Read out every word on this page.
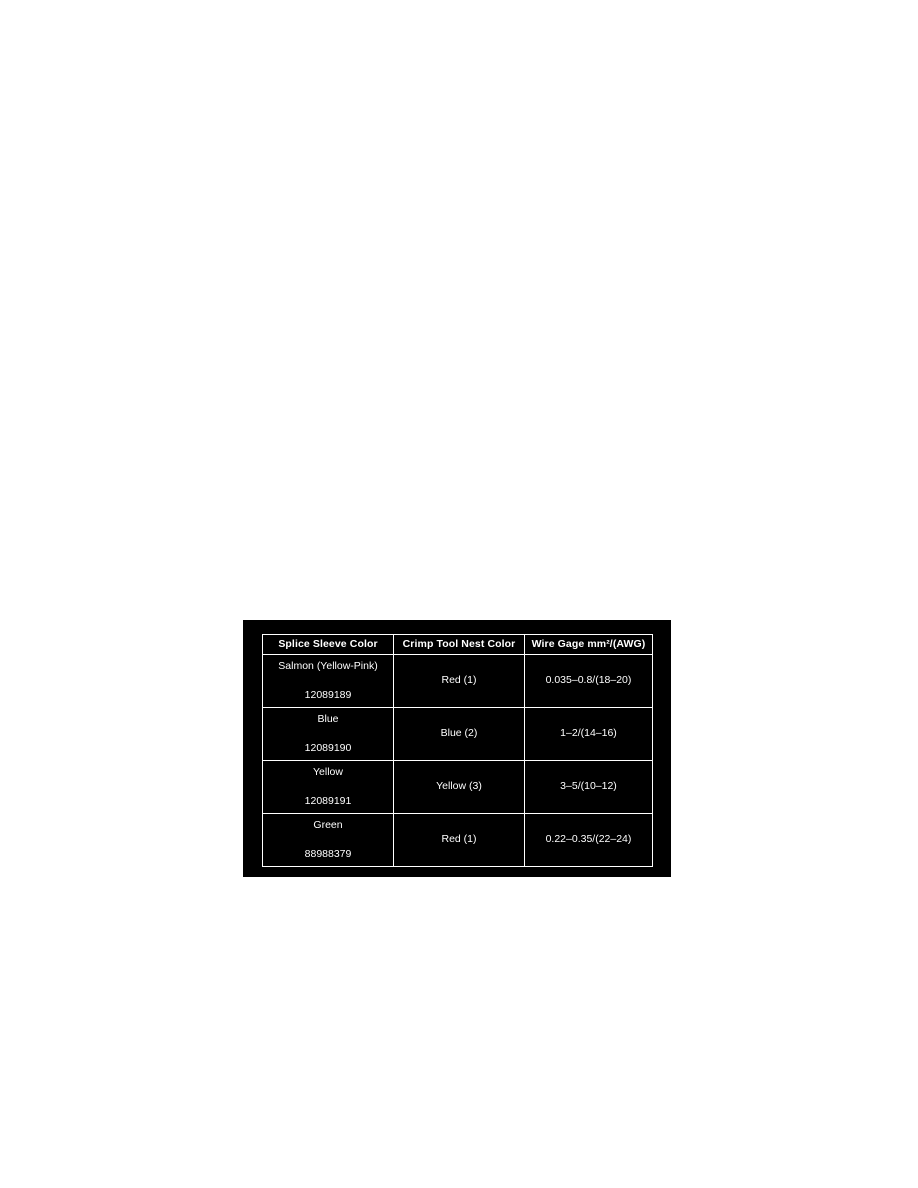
Splice Sleeve Color	Crimp Tool Nest Color	Wire Gage mm²/(AWG)

Salmon (Yellow-Pink)
12089189	Red (1)	0.035–0.8/(18–20)

Blue
12089190	Blue (2)	1–2/(14–16)

Yellow
12089191	Yellow (3)	3–5/(10–12)

Green
88988379	Red (1)	0.22–0.35/(22–24)
